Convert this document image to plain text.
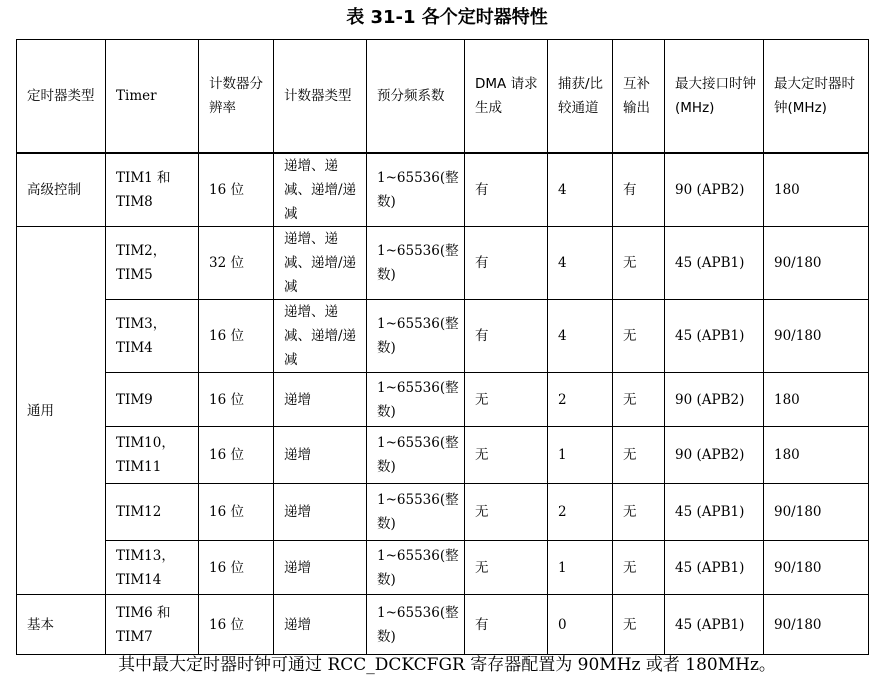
表 31-1 各个定时器特性
定时器类型	Timer	计数器分辨率	计数器类型	预分频系数	DMA 请求生成	捕获/比较通道	互补输出	最大接口时钟(MHz)	最大定时器时钟(MHz)
高级控制	TIM1 和 TIM8	16 位	递增、递减、递增/递减	1~65536(整数)	有	4	有	90 (APB2)	180
通用	TIM2，TIM5	32 位	递增、递减、递增/递减	1~65536(整数)	有	4	无	45 (APB1)	90/180
	TIM3，TIM4	16 位	递增、递减、递增/递减	1~65536(整数)	有	4	无	45 (APB1)	90/180
	TIM9	16 位	递增	1~65536(整数)	无	2	无	90 (APB2)	180
	TIM10，TIM11	16 位	递增	1~65536(整数)	无	1	无	90 (APB2)	180
	TIM12	16 位	递增	1~65536(整数)	无	2	无	45 (APB1)	90/180
	TIM13，TIM14	16 位	递增	1~65536(整数)	无	1	无	45 (APB1)	90/180
基本	TIM6 和 TIM7	16 位	递增	1~65536(整数)	有	0	无	45 (APB1)	90/180
其中最大定时器时钟可通过 RCC_DCKCFGR 寄存器配置为 90MHz 或者 180MHz。
